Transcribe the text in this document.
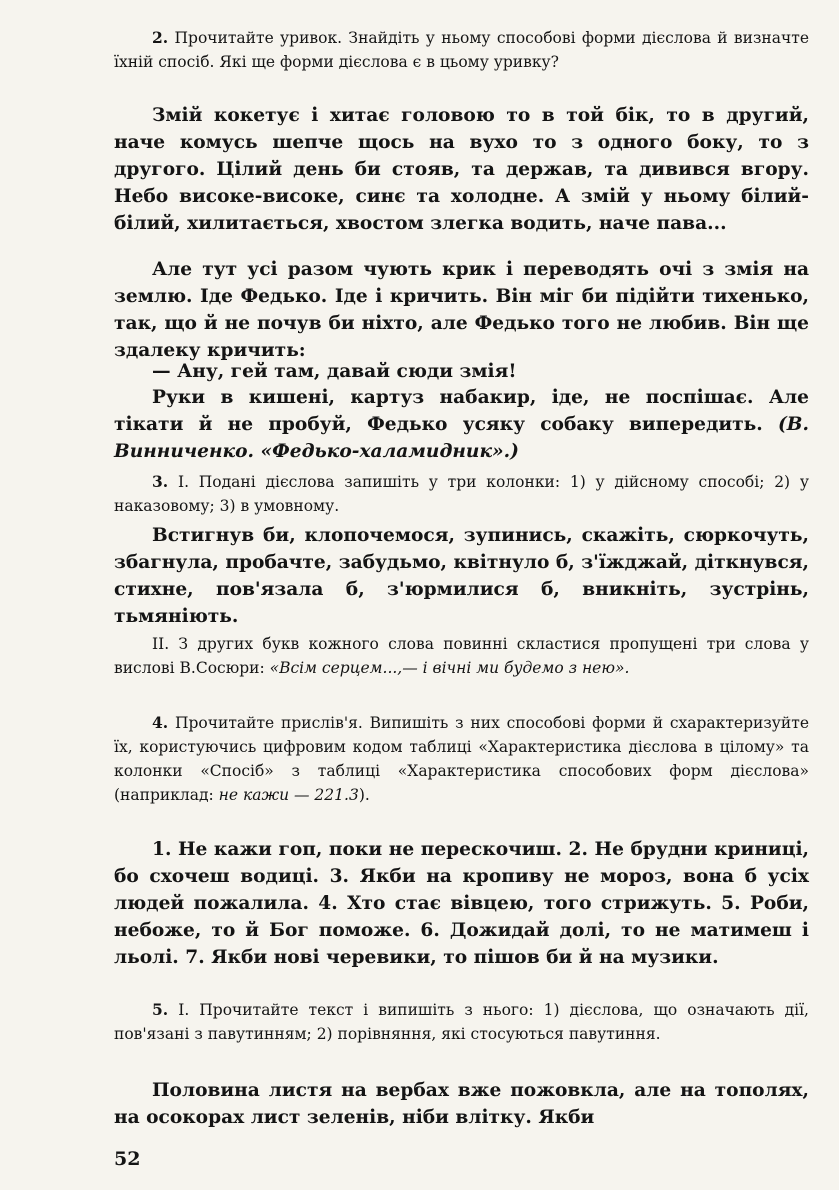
2. Прочитайте уривок. Знайдіть у ньому способові форми дієслова й визначте їхній спосіб. Які ще форми дієслова є в цьому уривку?

Змій кокетує і хитає головою то в той бік, то в другий, наче комусь шепче щось на вухо то з одного боку, то з другого. Цілий день би стояв, та держав, та дивився вгору. Небо високе-високе, синє та холодне. А змій у ньому білий-білий, хилитається, хвостом злегка водить, наче пава...

Але тут усі разом чують крик і переводять очі з змія на землю. Іде Федько. Іде і кричить. Він міг би підійти тихенько, так, що й не почув би ніхто, але Федько того не любив. Він ще здалеку кричить:

— Ану, гей там, давай сюди змія!

Руки в кишені, картуз набакир, іде, не поспішає. Але тікати й не пробуй, Федько усяку собаку випередить. (В. Винниченко. «Федько-халамидник».)

3. І. Подані дієслова запишіть у три колонки: 1) у дійсному способі; 2) у наказовому; 3) в умовному.

Встигнув би, клопочемося, зупинись, скажіть, сюркочуть, збагнула, пробачте, забудьмо, квітнуло б, з'їжджай, діткнувся, стихне, пов'язала б, з'юрмилися б, вникніть, зустрінь, тьмяніють.

ІІ. З других букв кожного слова повинні скластися пропущені три слова у вислові В.Сосюри: «Всім серцем...,— і вічні ми будемо з нею».

4. Прочитайте прислів'я. Випишіть з них способові форми й схарактеризуйте їх, користуючись цифровим кодом таблиці «Характеристика дієслова в цілому» та колонки «Спосіб» з таблиці «Характеристика способових форм дієслова» (наприклад: не кажи — 221.3).

1. Не кажи гоп, поки не перескочиш. 2. Не брудни криниці, бо схочеш водиці. 3. Якби на кропиву не мороз, вона б усіх людей пожалила. 4. Хто стає вівцею, того стрижуть. 5. Роби, небоже, то й Бог поможе. 6. Дожидай долі, то не матимеш і льолі. 7. Якби нові черевики, то пішов би й на музики.

5. І. Прочитайте текст і випишіть з нього: 1) дієслова, що означають дії, пов'язані з павутинням; 2) порівняння, які стосуються павутиння.

Половина листя на вербах вже пожовкла, але на тополях, на осокорах лист зеленів, ніби влітку. Якби

52
